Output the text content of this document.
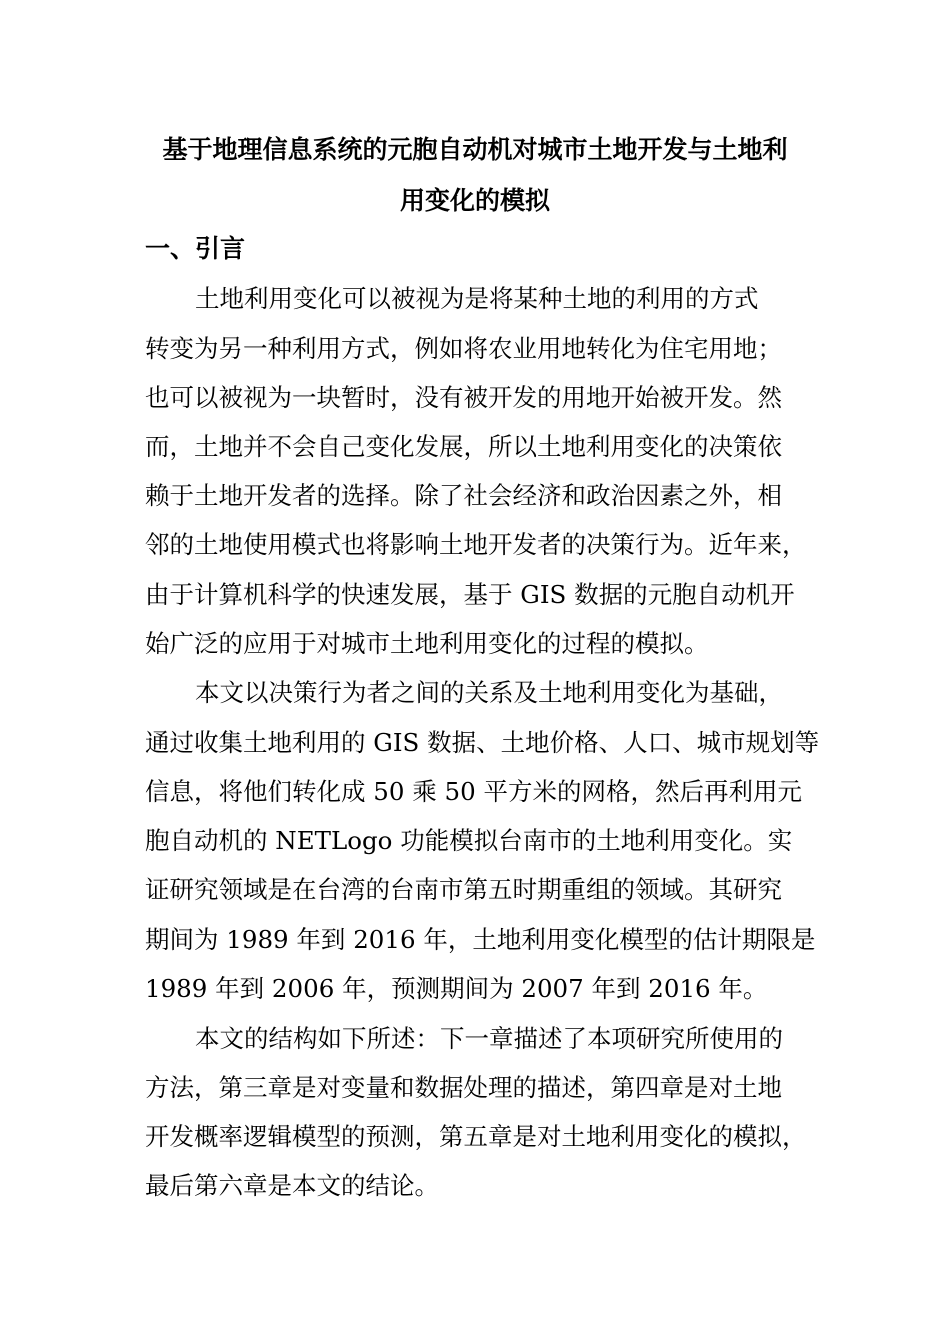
基于地理信息系统的元胞自动机对城市土地开发与土地利
用变化的模拟
一、引言
土地利用变化可以被视为是将某种土地的利用的方式
转变为另一种利用方式，例如将农业用地转化为住宅用地；
也可以被视为一块暂时，没有被开发的用地开始被开发。然
而，土地并不会自己变化发展，所以土地利用变化的决策依
赖于土地开发者的选择。除了社会经济和政治因素之外，相
邻的土地使用模式也将影响土地开发者的决策行为。近年来，
由于计算机科学的快速发展，基于 GIS 数据的元胞自动机开
始广泛的应用于对城市土地利用变化的过程的模拟。
本文以决策行为者之间的关系及土地利用变化为基础，
通过收集土地利用的 GIS 数据、土地价格、人口、城市规划等
信息，将他们转化成 50 乘 50 平方米的网格，然后再利用元
胞自动机的 NETLogo 功能模拟台南市的土地利用变化。实
证研究领域是在台湾的台南市第五时期重组的领域。其研究
期间为 1989 年到 2016 年，土地利用变化模型的估计期限是
1989 年到 2006 年，预测期间为 2007 年到 2016 年。
本文的结构如下所述：下一章描述了本项研究所使用的
方法，第三章是对变量和数据处理的描述，第四章是对土地
开发概率逻辑模型的预测，第五章是对土地利用变化的模拟，
最后第六章是本文的结论。
